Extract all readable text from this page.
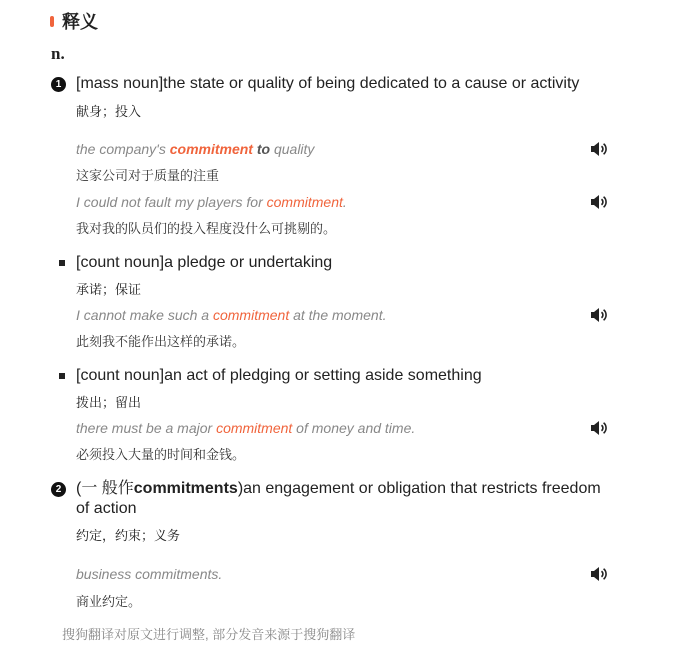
释义
n.
1 [mass noun]the state or quality of being dedicated to a cause or activity
献身；投入
the company's commitment to quality
这家公司对于质量的注重
I could not fault my players for commitment.
我对我的队员们的投入程度没什么可挑剔的。
[count noun]a pledge or undertaking
承诺；保证
I cannot make such a commitment at the moment.
此刻我不能作出这样的承诺。
[count noun]an act of pledging or setting aside something
拨出；留出
there must be a major commitment of money and time.
必须投入大量的时间和金钱。
2 (一 般作commitments)an engagement or obligation that restricts freedom of action
约定，约束；义务
business commitments.
商业约定。
搜狗翻译对原文进行调整, 部分发音来源于搜狗翻译
